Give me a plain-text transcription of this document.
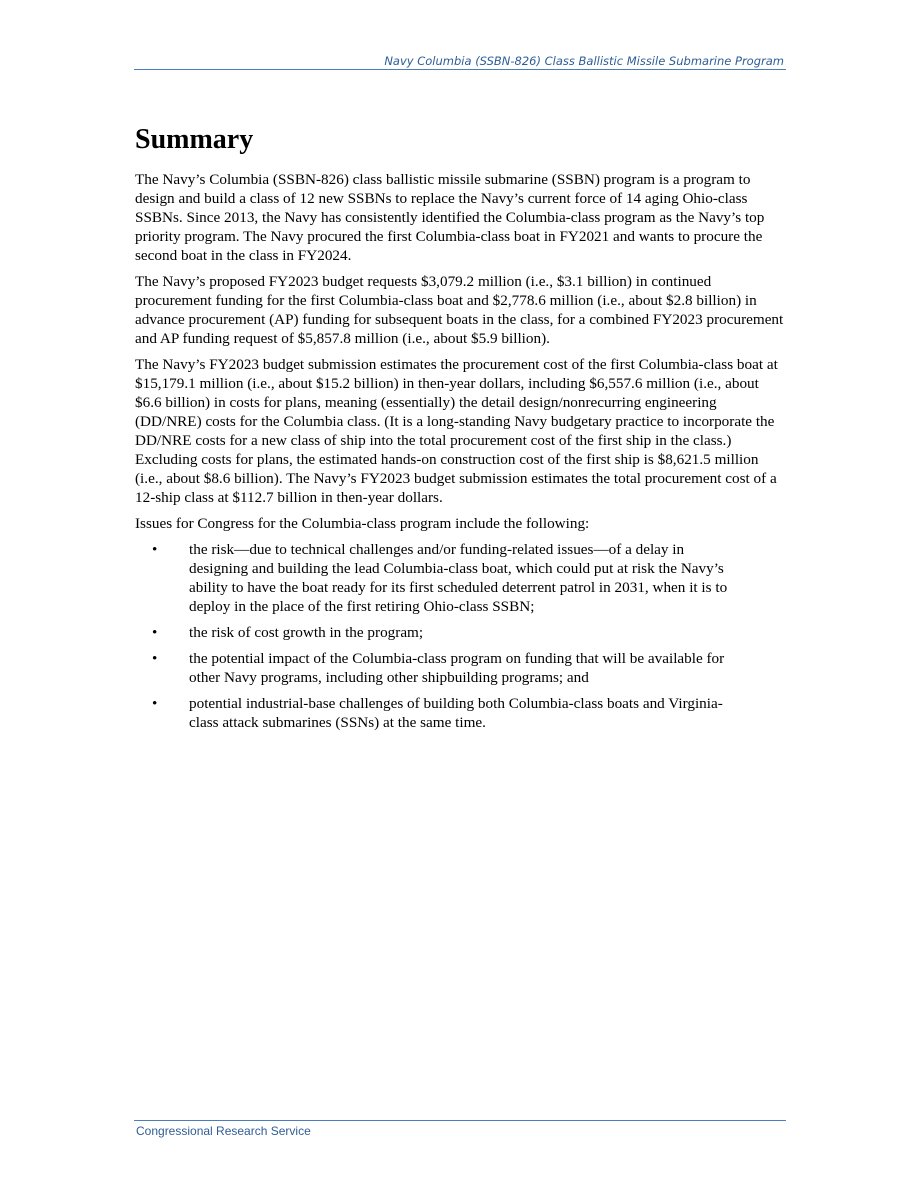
Navy Columbia (SSBN-826) Class Ballistic Missile Submarine Program
Summary

The Navy’s Columbia (SSBN-826) class ballistic missile submarine (SSBN) program is a program to design and build a class of 12 new SSBNs to replace the Navy’s current force of 14 aging Ohio-class SSBNs. Since 2013, the Navy has consistently identified the Columbia-class program as the Navy’s top priority program. The Navy procured the first Columbia-class boat in FY2021 and wants to procure the second boat in the class in FY2024.

The Navy’s proposed FY2023 budget requests $3,079.2 million (i.e., $3.1 billion) in continued procurement funding for the first Columbia-class boat and $2,778.6 million (i.e., about $2.8 billion) in advance procurement (AP) funding for subsequent boats in the class, for a combined FY2023 procurement and AP funding request of $5,857.8 million (i.e., about $5.9 billion).

The Navy’s FY2023 budget submission estimates the procurement cost of the first Columbia-class boat at $15,179.1 million (i.e., about $15.2 billion) in then-year dollars, including $6,557.6 million (i.e., about $6.6 billion) in costs for plans, meaning (essentially) the detail design/nonrecurring engineering (DD/NRE) costs for the Columbia class. (It is a long-standing Navy budgetary practice to incorporate the DD/NRE costs for a new class of ship into the total procurement cost of the first ship in the class.) Excluding costs for plans, the estimated hands-on construction cost of the first ship is $8,621.5 million (i.e., about $8.6 billion). The Navy’s FY2023 budget submission estimates the total procurement cost of a 12-ship class at $112.7 billion in then-year dollars.

Issues for Congress for the Columbia-class program include the following:

• the risk—due to technical challenges and/or funding-related issues—of a delay in designing and building the lead Columbia-class boat, which could put at risk the Navy’s ability to have the boat ready for its first scheduled deterrent patrol in 2031, when it is to deploy in the place of the first retiring Ohio-class SSBN;
• the risk of cost growth in the program;
• the potential impact of the Columbia-class program on funding that will be available for other Navy programs, including other shipbuilding programs; and
• potential industrial-base challenges of building both Columbia-class boats and Virginia-class attack submarines (SSNs) at the same time.
Congressional Research Service
